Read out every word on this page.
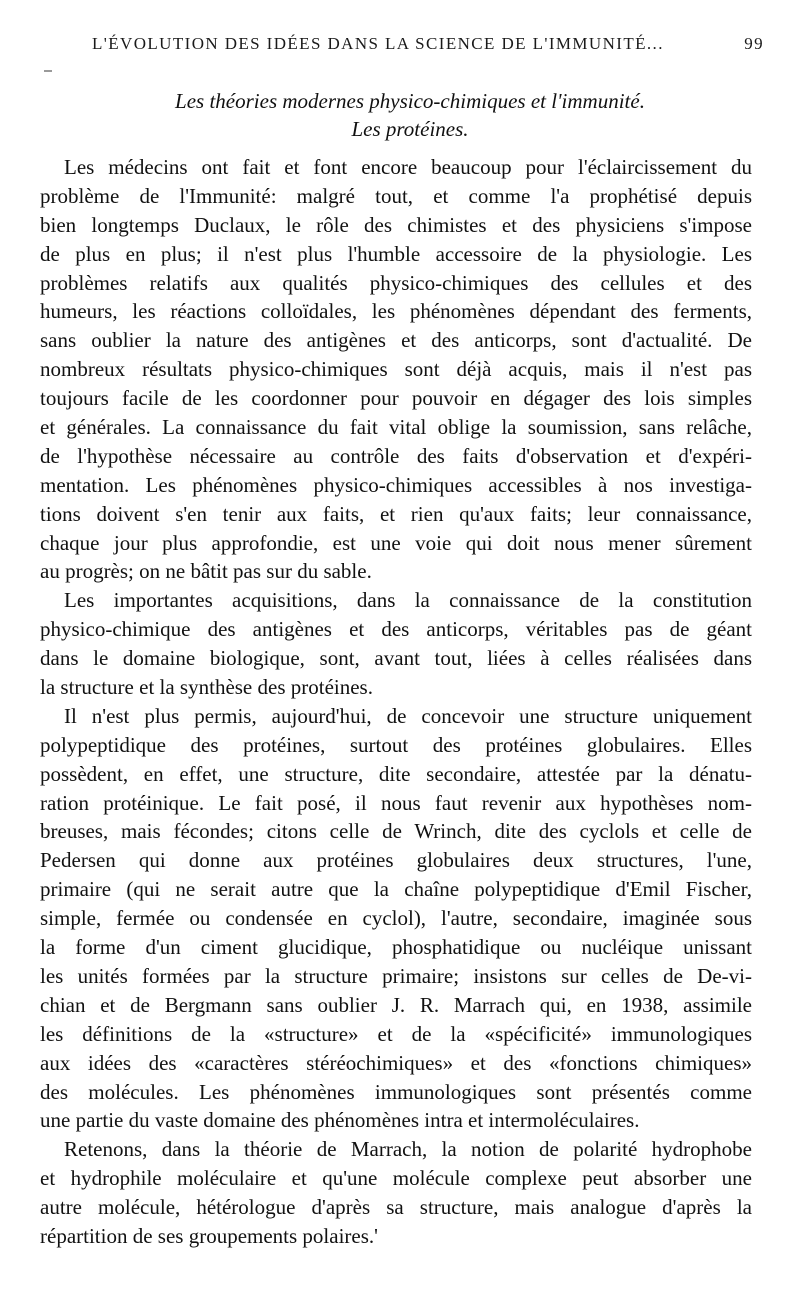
L'ÉVOLUTION DES IDÉES DANS LA SCIENCE DE L'IMMUNITÉ...	99
Les théories modernes physico-chimiques et l'immunité.
Les protéines.
Les médecins ont fait et font encore beaucoup pour l'éclaircissement du
problème de l'Immunité: malgré tout, et comme l'a prophétisé depuis
bien longtemps Duclaux, le rôle des chimistes et des physiciens s'impose
de plus en plus; il n'est plus l'humble accessoire de la physiologie. Les
problèmes relatifs aux qualités physico-chimiques des cellules et des
humeurs, les réactions colloïdales, les phénomènes dépendant des ferments,
sans oublier la nature des antigènes et des anticorps, sont d'actualité. De
nombreux résultats physico-chimiques sont déjà acquis, mais il n'est pas
toujours facile de les coordonner pour pouvoir en dégager des lois simples
et générales. La connaissance du fait vital oblige la soumission, sans relâche,
de l'hypothèse nécessaire au contrôle des faits d'observation et d'expéri-
mentation. Les phénomènes physico-chimiques accessibles à nos investiga-
tions doivent s'en tenir aux faits, et rien qu'aux faits; leur connaissance,
chaque jour plus approfondie, est une voie qui doit nous mener sûrement
au progrès; on ne bâtit pas sur du sable.
Les importantes acquisitions, dans la connaissance de la constitution
physico-chimique des antigènes et des anticorps, véritables pas de géant
dans le domaine biologique, sont, avant tout, liées à celles réalisées dans
la structure et la synthèse des protéines.
Il n'est plus permis, aujourd'hui, de concevoir une structure uniquement
polypeptidique des protéines, surtout des protéines globulaires. Elles
possèdent, en effet, une structure, dite secondaire, attestée par la dénatu-
ration protéinique. Le fait posé, il nous faut revenir aux hypothèses nom-
breuses, mais fécondes; citons celle de Wrinch, dite des cyclols et celle de
Pedersen qui donne aux protéines globulaires deux structures, l'une,
primaire (qui ne serait autre que la chaîne polypeptidique d'Emil Fischer,
simple, fermée ou condensée en cyclol), l'autre, secondaire, imaginée sous
la forme d'un ciment glucidique, phosphatidique ou nucléique unissant
les unités formées par la structure primaire; insistons sur celles de De-vi-
chian et de Bergmann sans oublier J. R. Marrach qui, en 1938, assimile
les définitions de la «structure» et de la «spécificité» immunologiques
aux idées des «caractères stéréochimiques» et des «fonctions chimiques»
des molécules. Les phénomènes immunologiques sont présentés comme
une partie du vaste domaine des phénomènes intra et intermoléculaires.
Retenons, dans la théorie de Marrach, la notion de polarité hydrophobe
et hydrophile moléculaire et qu'une molécule complexe peut absorber une
autre molécule, hétérologue d'après sa structure, mais analogue d'après la
répartition de ses groupements polaires.'
